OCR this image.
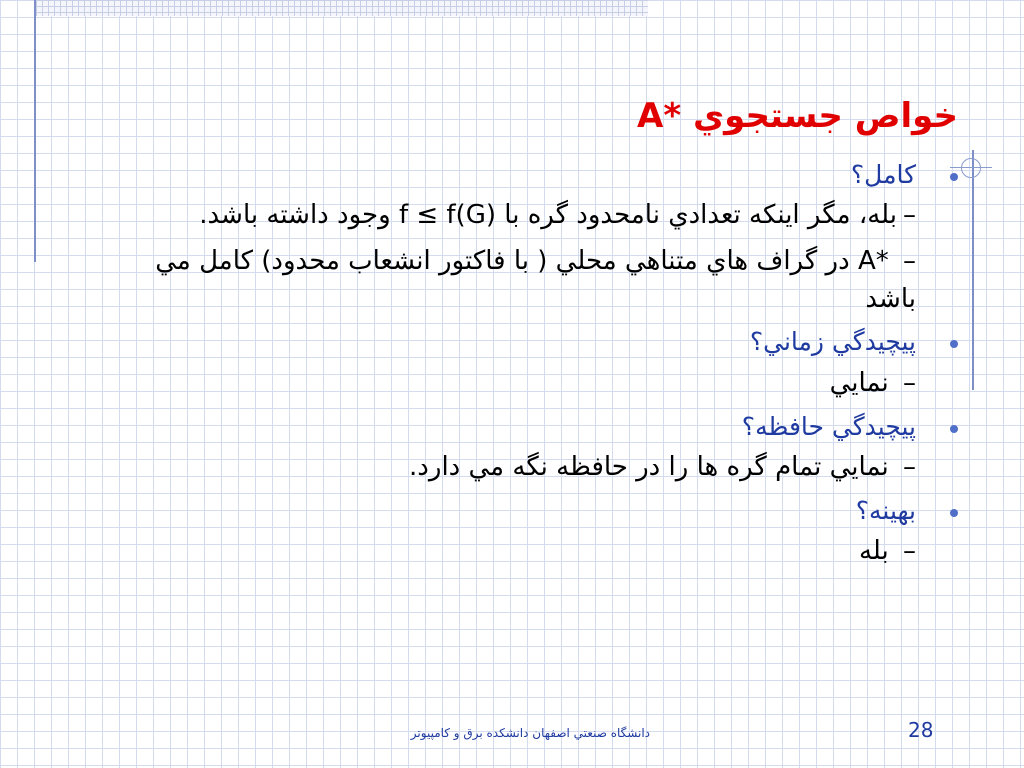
خواص جستجوي *A
كامل؟
–بله، مگر اينكه تعدادي نامحدود گره با f ≤ f(G) وجود داشته باشد.
– A* در گراف هاي متناهي محلي ( با فاكتور انشعاب محدود) كامل مي باشد
پيچيدگي زماني؟
– نمايي
پيچيدگي حافظه؟
– نمايي تمام گره ها را در حافظه نگه مي دارد.
بهينه؟
– بله
دانشگاه صنعتي اصفهان دانشكده برق و كامپيوتر	28
